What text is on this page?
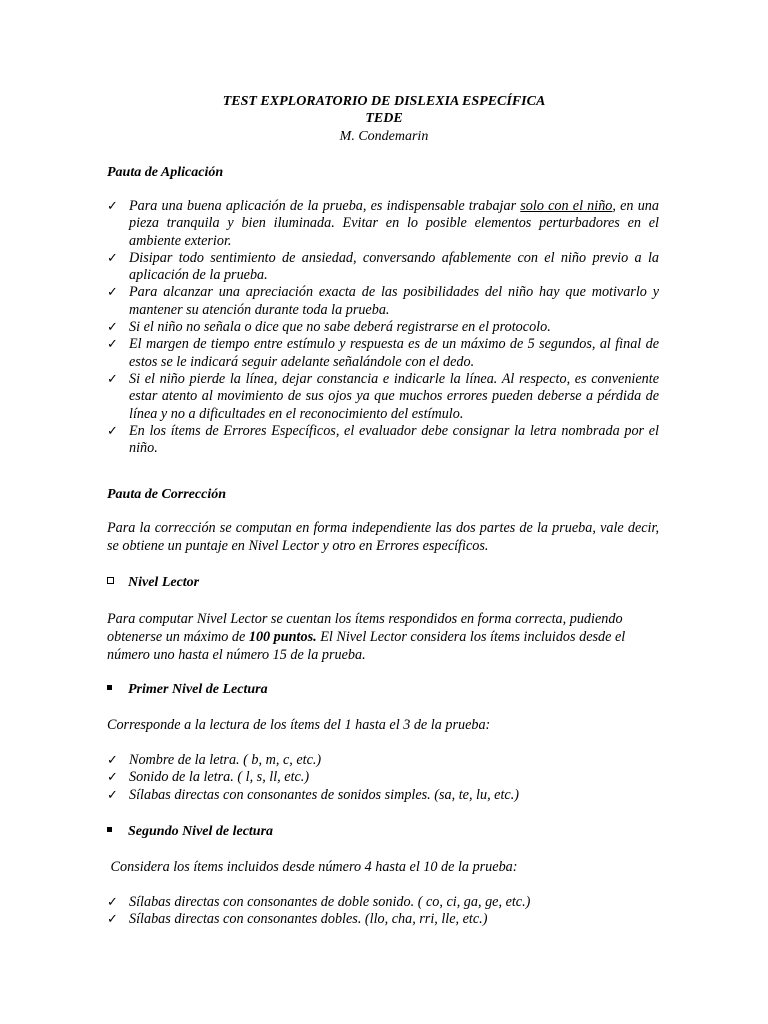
TEST EXPLORATORIO DE DISLEXIA ESPECÍFICA
TEDE
M. Condemarin
Pauta de Aplicación
✓ Para una buena aplicación de la prueba, es indispensable trabajar solo con el niño, en una pieza tranquila y bien iluminada. Evitar en lo posible elementos perturbadores en el ambiente exterior.
✓ Disipar todo sentimiento de ansiedad, conversando afablemente con el niño previo a la aplicación de la prueba.
✓ Para alcanzar una apreciación exacta de las posibilidades del niño hay que motivarlo y mantener su atención durante toda la prueba.
✓ Si el niño no señala o dice que no sabe deberá registrarse en el protocolo.
✓ El margen de tiempo entre estímulo y respuesta es de un máximo de 5 segundos, al final de estos se le indicará seguir adelante señalándole con el dedo.
✓ Si el niño pierde la línea, dejar constancia e indicarle la línea. Al respecto, es conveniente estar atento al movimiento de sus ojos ya que muchos errores pueden deberse a pérdida de línea y no a dificultades en el reconocimiento del estímulo.
✓ En los ítems de Errores Específicos, el evaluador debe consignar la letra nombrada por el niño.
Pauta de Corrección

Para la corrección se computan en forma independiente las dos partes de la prueba, vale decir, se obtiene un puntaje en Nivel Lector y otro en Errores específicos.

Nivel Lector

Para computar Nivel Lector se cuentan los ítems respondidos en forma correcta, pudiendo obtenerse un máximo de 100 puntos. El Nivel Lector considera los ítems incluidos desde el número uno hasta el número 15 de la prueba.

Primer Nivel de Lectura

Corresponde a la lectura de los ítems del 1 hasta el 3 de la prueba:

✓ Nombre de la letra. ( b, m, c, etc.)
✓ Sonido de la letra. ( l, s, ll, etc.)
✓ Sílabas directas con consonantes de sonidos simples. (sa, te, lu, etc.)
Segundo Nivel de lectura

Considera los ítems incluidos desde número 4 hasta el 10 de la prueba:

✓ Sílabas directas con consonantes de doble sonido. ( co, ci, ga, ge, etc.)
✓ Sílabas directas con consonantes dobles. (llo, cha, rri, lle, etc.)
